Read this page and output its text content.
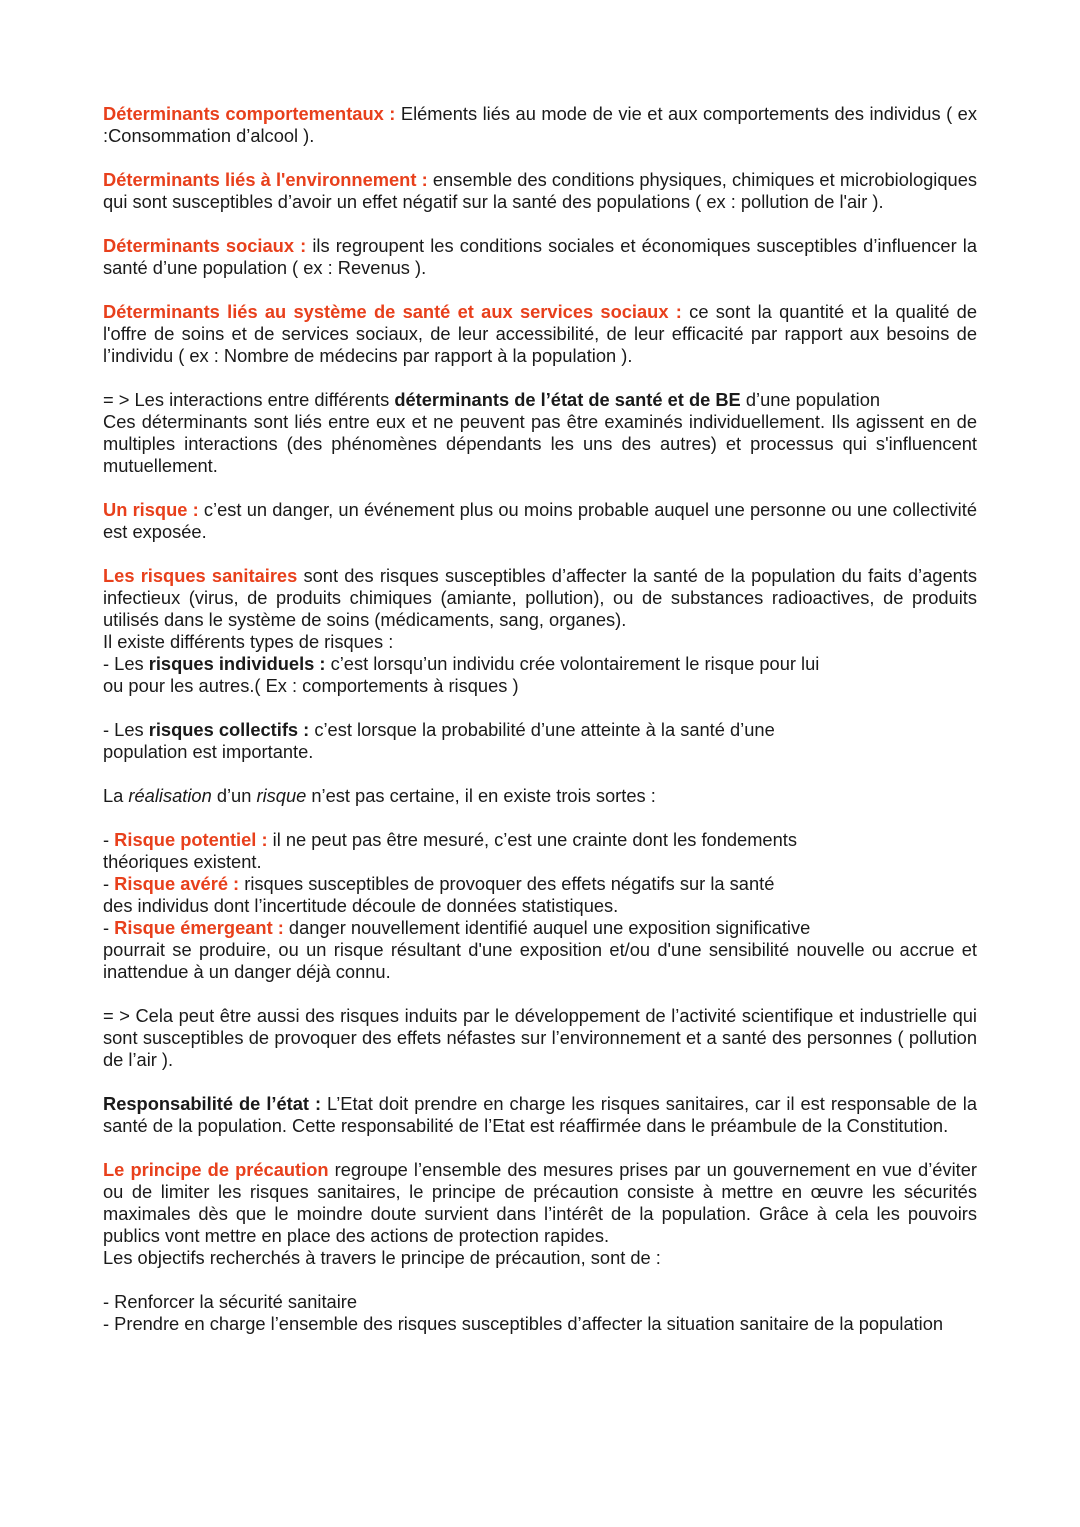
Déterminants comportementaux : Eléments liés au mode de vie et aux comportements des individus ( ex :Consommation d’alcool ).

Déterminants liés à l'environnement : ensemble des conditions physiques, chimiques et microbiologiques qui sont susceptibles d’avoir un effet négatif sur la santé des populations ( ex : pollution de l'air ).

Déterminants sociaux : ils regroupent les conditions sociales et économiques susceptibles d’influencer la santé d’une population ( ex : Revenus ).

Déterminants liés au système de santé et aux services sociaux : ce sont la quantité et la qualité de l'offre de soins et de services sociaux, de leur accessibilité, de leur efficacité par rapport aux besoins de l’individu ( ex : Nombre de médecins par rapport à la population ).

= > Les interactions entre différents déterminants de l’état de santé et de BE d’une population

Ces déterminants sont liés entre eux et ne peuvent pas être examinés individuellement. Ils agissent en de multiples interactions (des phénomènes dépendants les uns des autres) et processus qui s'influencent mutuellement.

Un risque : c’est un danger, un événement plus ou moins probable auquel une personne ou une collectivité est exposée.

Les risques sanitaires sont des risques susceptibles d’affecter la santé de la population du faits d’agents infectieux (virus, de produits chimiques (amiante, pollution), ou de substances radioactives, de produits utilisés dans le système de soins (médicaments, sang, organes).

Il existe différents types de risques :

- Les risques individuels : c’est lorsqu’un individu crée volontairement le risque pour lui

ou pour les autres.( Ex : comportements à risques )

- Les risques collectifs : c’est lorsque la probabilité d’une atteinte à la santé d’une

population est importante.

La réalisation d’un risque n’est pas certaine, il en existe trois sortes :

- Risque potentiel : il ne peut pas être mesuré, c’est une crainte dont les fondements

théoriques existent.

- Risque avéré : risques susceptibles de provoquer des effets négatifs sur la santé

des individus dont l’incertitude découle de données statistiques.

- Risque émergeant : danger nouvellement identifié auquel une exposition significative

pourrait se produire, ou un risque résultant d'une exposition et/ou d'une sensibilité nouvelle ou accrue et inattendue à un danger déjà connu.

= > Cela peut être aussi des risques induits par le développement de l’activité scientifique et industrielle qui sont susceptibles de provoquer des effets néfastes sur l’environnement et a santé des personnes ( pollution de l’air ).

Responsabilité de l’état : L’Etat doit prendre en charge les risques sanitaires, car il est responsable de la santé de la population. Cette responsabilité de l’Etat est réaffirmée dans le préambule de la Constitution.

Le principe de précaution regroupe l’ensemble des mesures prises par un gouvernement en vue d’éviter ou de limiter les risques sanitaires, le principe de précaution consiste à mettre en œuvre les sécurités maximales dès que le moindre doute survient dans l’intérêt de la population. Grâce à cela les pouvoirs publics vont mettre en place des actions de protection rapides.

Les objectifs recherchés à travers le principe de précaution, sont de :

- Renforcer la sécurité sanitaire

- Prendre en charge l’ensemble des risques susceptibles d’affecter la situation sanitaire de la population
